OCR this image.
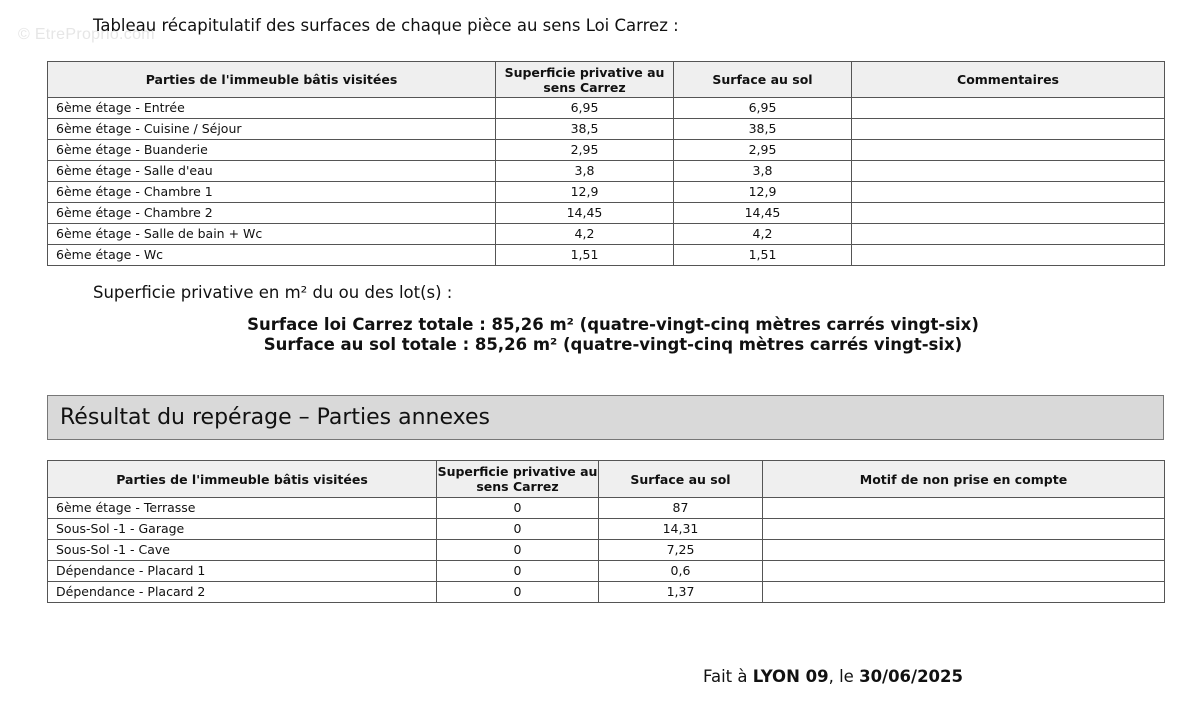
© EtreProprio.com
Tableau récapitulatif des surfaces de chaque pièce au sens Loi Carrez :
Parties de l'immeuble bâtis visitées	Superficie privative au sens Carrez	Surface au sol	Commentaires
6ème étage - Entrée	6,95	6,95	
6ème étage - Cuisine / Séjour	38,5	38,5	
6ème étage - Buanderie	2,95	2,95	
6ème étage - Salle d'eau	3,8	3,8	
6ème étage - Chambre 1	12,9	12,9	
6ème étage - Chambre 2	14,45	14,45	
6ème étage - Salle de bain + Wc	4,2	4,2	
6ème étage - Wc	1,51	1,51	
Superficie privative en m² du ou des lot(s) :
Surface loi Carrez totale : 85,26 m² (quatre-vingt-cinq mètres carrés vingt-six)
Surface au sol totale : 85,26 m² (quatre-vingt-cinq mètres carrés vingt-six)
Résultat du repérage – Parties annexes
Parties de l'immeuble bâtis visitées	Superficie privative au sens Carrez	Surface au sol	Motif de non prise en compte
6ème étage - Terrasse	0	87	
Sous-Sol -1 - Garage	0	14,31	
Sous-Sol -1 - Cave	0	7,25	
Dépendance - Placard 1	0	0,6	
Dépendance - Placard 2	0	1,37	
Fait à LYON 09, le 30/06/2025
